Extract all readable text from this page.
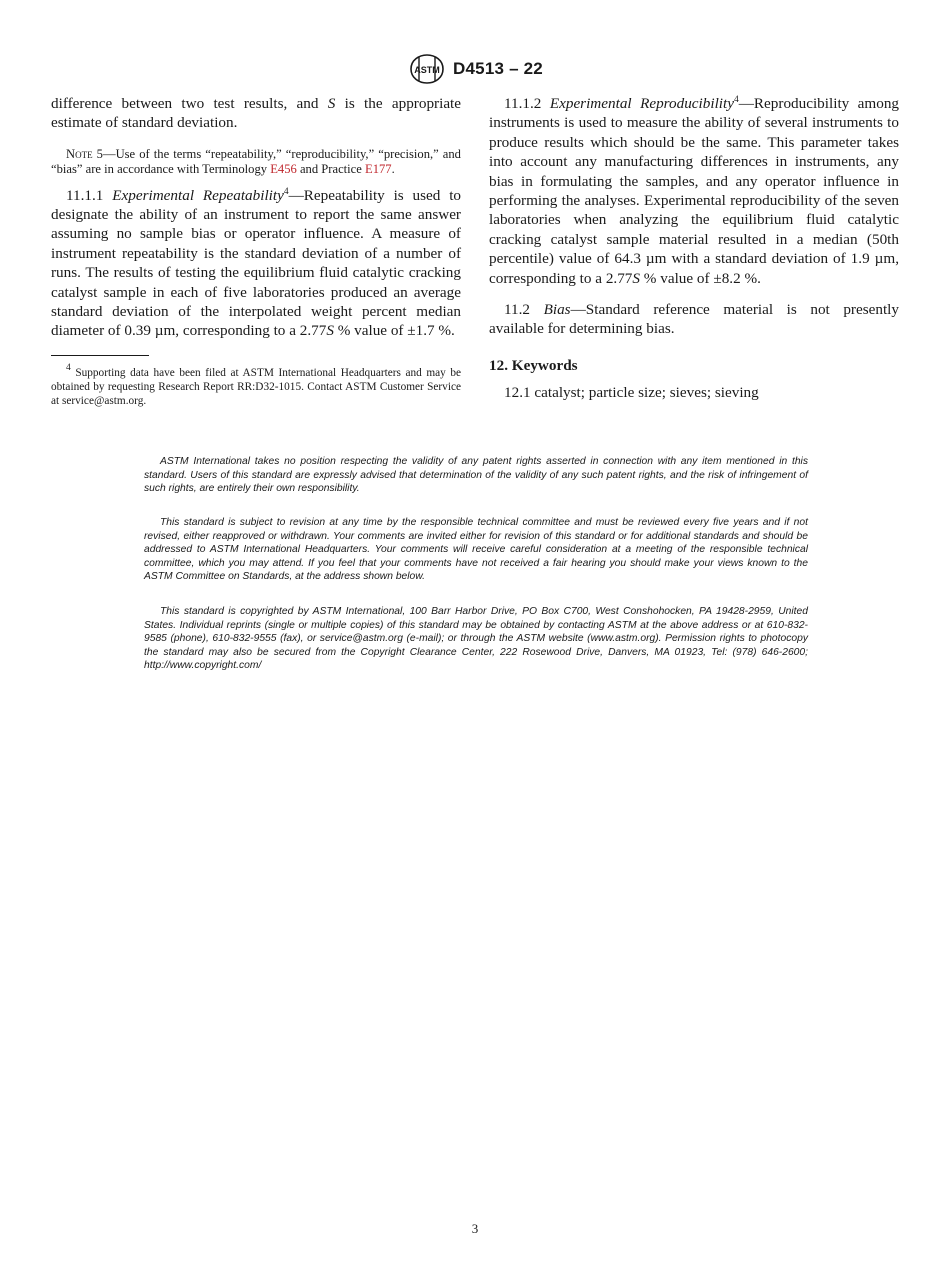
ASTM D4513 – 22

difference between two test results, and S is the appropriate estimate of standard deviation.

Note 5—Use of the terms “repeatability,” “reproducibility,” “precision,” and “bias” are in accordance with Terminology E456 and Practice E177.

11.1.1 Experimental Repeatability$^4$—Repeatability is used to designate the ability of an instrument to report the same answer assuming no sample bias or operator influence. A measure of instrument repeatability is the standard deviation of a number of runs. The results of testing the equilibrium fluid catalytic cracking catalyst sample in each of five laboratories produced an average standard deviation of the interpolated weight percent median diameter of 0.39 µm, corresponding to a 2.77S % value of ±1.7 %.

$^4$ Supporting data have been filed at ASTM International Headquarters and may be obtained by requesting Research Report RR:D32-1015. Contact ASTM Customer Service at service@astm.org.

11.1.2 Experimental Reproducibility$^4$—Reproducibility among instruments is used to measure the ability of several instruments to produce results which should be the same. This parameter takes into account any manufacturing differences in instruments, any bias in formulating the samples, and any operator influence in performing the analyses. Experimental reproducibility of the seven laboratories when analyzing the equilibrium fluid catalytic cracking catalyst sample material resulted in a median (50th percentile) value of 64.3 µm with a standard deviation of 1.9 µm, corresponding to a 2.77S % value of ±8.2 %.

11.2 Bias—Standard reference material is not presently available for determining bias.

12. Keywords

12.1 catalyst; particle size; sieves; sieving

ASTM International takes no position respecting the validity of any patent rights asserted in connection with any item mentioned in this standard. Users of this standard are expressly advised that determination of the validity of any such patent rights, and the risk of infringement of such rights, are entirely their own responsibility.

This standard is subject to revision at any time by the responsible technical committee and must be reviewed every five years and if not revised, either reapproved or withdrawn. Your comments are invited either for revision of this standard or for additional standards and should be addressed to ASTM International Headquarters. Your comments will receive careful consideration at a meeting of the responsible technical committee, which you may attend. If you feel that your comments have not received a fair hearing you should make your views known to the ASTM Committee on Standards, at the address shown below.

This standard is copyrighted by ASTM International, 100 Barr Harbor Drive, PO Box C700, West Conshohocken, PA 19428-2959, United States. Individual reprints (single or multiple copies) of this standard may be obtained by contacting ASTM at the above address or at 610-832-9585 (phone), 610-832-9555 (fax), or service@astm.org (e-mail); or through the ASTM website (www.astm.org). Permission rights to photocopy the standard may also be secured from the Copyright Clearance Center, 222 Rosewood Drive, Danvers, MA 01923, Tel: (978) 646-2600; http://www.copyright.com/

3
